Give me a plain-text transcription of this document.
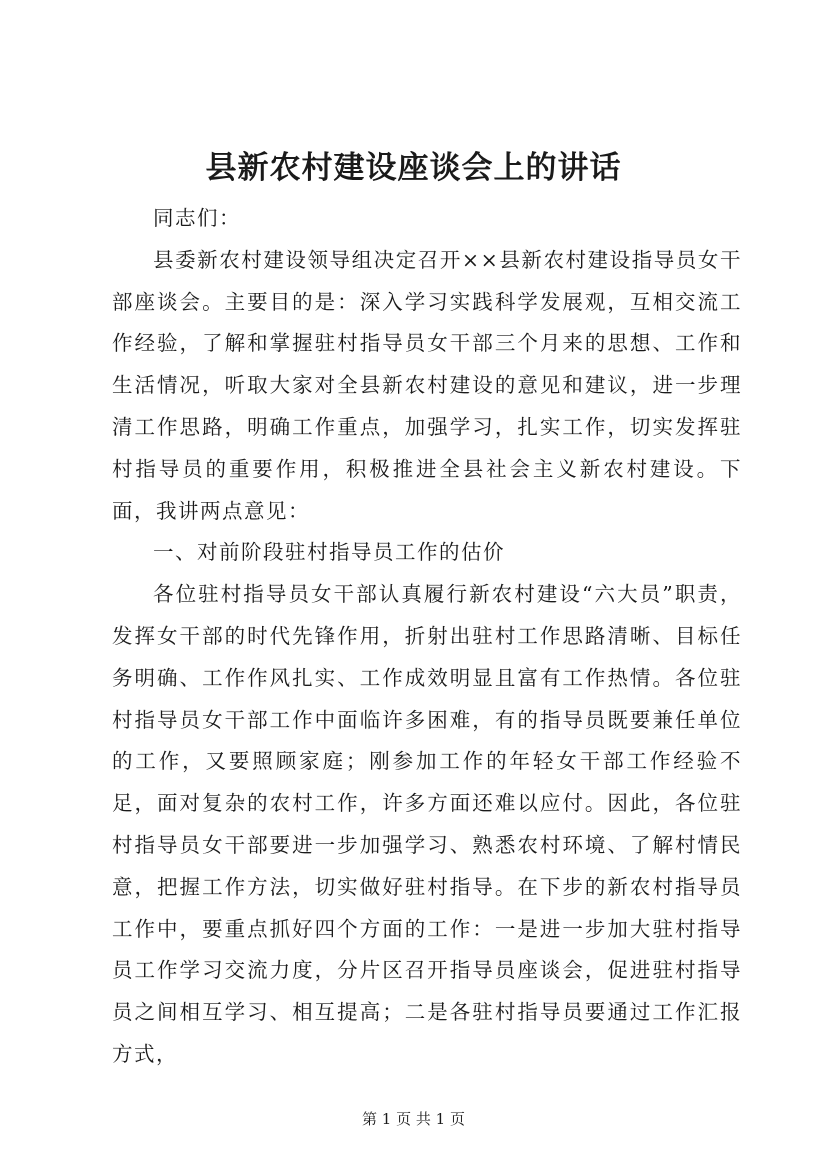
县新农村建设座谈会上的讲话

同志们：

县委新农村建设领导组决定召开××县新农村建设指导员女干部座谈会。主要目的是：深入学习实践科学发展观，互相交流工作经验，了解和掌握驻村指导员女干部三个月来的思想、工作和生活情况，听取大家对全县新农村建设的意见和建议，进一步理清工作思路，明确工作重点，加强学习，扎实工作，切实发挥驻村指导员的重要作用，积极推进全县社会主义新农村建设。下面，我讲两点意见：

一、对前阶段驻村指导员工作的估价

各位驻村指导员女干部认真履行新农村建设“六大员”职责，发挥女干部的时代先锋作用，折射出驻村工作思路清晰、目标任务明确、工作作风扎实、工作成效明显且富有工作热情。各位驻村指导员女干部工作中面临许多困难，有的指导员既要兼任单位的工作，又要照顾家庭；刚参加工作的年轻女干部工作经验不足，面对复杂的农村工作，许多方面还难以应付。因此，各位驻村指导员女干部要进一步加强学习、熟悉农村环境、了解村情民意，把握工作方法，切实做好驻村指导。在下步的新农村指导员工作中，要重点抓好四个方面的工作：一是进一步加大驻村指导员工作学习交流力度，分片区召开指导员座谈会，促进驻村指导员之间相互学习、相互提高；二是各驻村指导员要通过工作汇报方式，

第 1 页 共 1 页
